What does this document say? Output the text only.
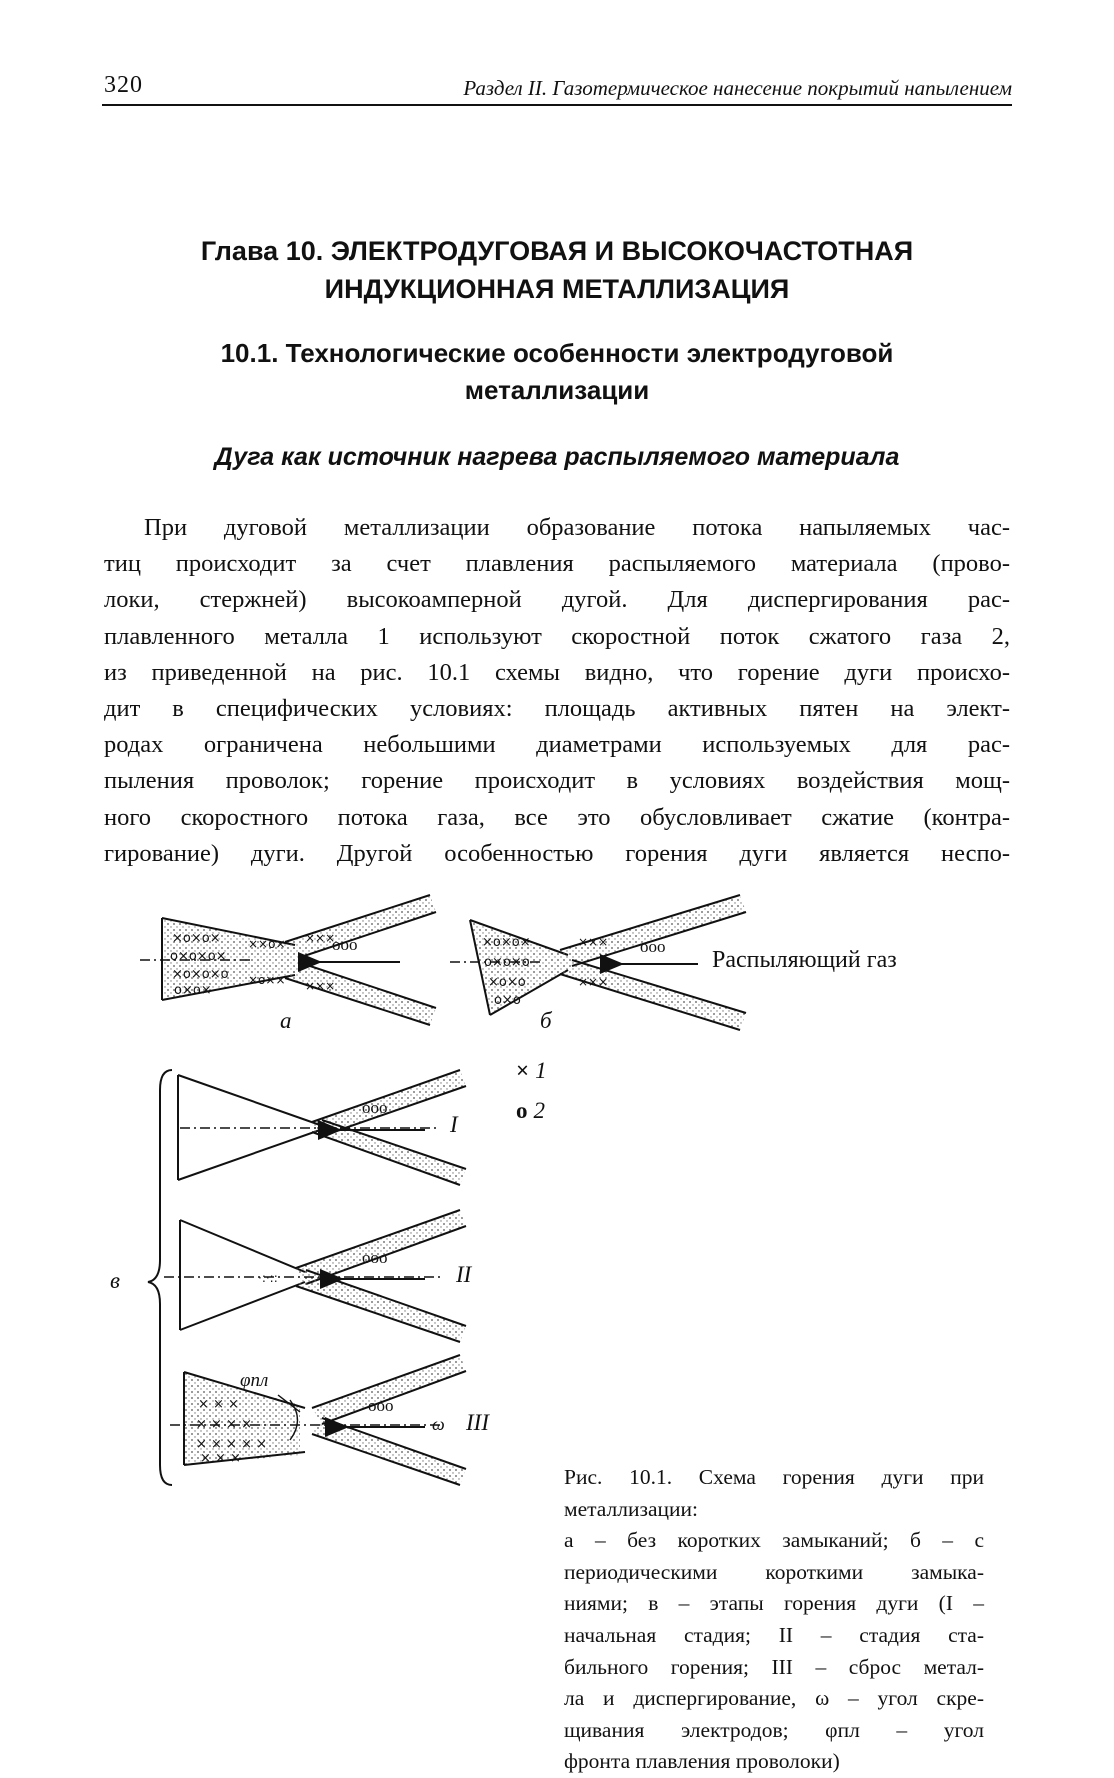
320	Раздел II. Газотермическое нанесение покрытий напылением
Глава 10. ЭЛЕКТРОДУГОВАЯ И ВЫСОКОЧАСТОТНАЯ
ИНДУКЦИОННАЯ МЕТАЛЛИЗАЦИЯ
10.1. Технологические особенности электродуговой
металлизации
Дуга как источник нагрева распыляемого материала
При дуговой металлизации образование потока напыляемых час-
тиц происходит за счет плавления распыляемого материала (прово-
локи, стержней) высокоамперной дугой. Для диспергирования рас-
плавленного металла 1 используют скоростной поток сжатого газа 2,
из приведенной на рис. 10.1 схемы видно, что горение дуги происхо-
дит в специфических условиях: площадь активных пятен на элект-
родах ограничена небольшими диаметрами используемых для рас-
пыления проволок; горение происходит в условиях воздействия мощ-
ного скоростного потока газа, все это обусловливает сжатие (контра-
гирование) дуги. Другой особенностью горения дуги является неспо-
×o×o×
o×o×o×
×o×o×o
o×o×
××o×
×o××
×××
×××
×o×o×
o×o×o
×o×o
o×o
×××
×××
·:·::
× × ×
× × × ×
× × × × ×
× × ×
ooo	ooo
ooo
ooo
ooo
Распыляющий газ
а	б
в
I
II
III
φпл
ω
× 1
o 2
Рис. 10.1. Схема горения дуги при
металлизации:
а – без коротких замыканий; б – с
периодическими короткими замыка-
ниями; в – этапы горения дуги (I –
начальная стадия; II – стадия ста-
бильного горения; III – сброс метал-
ла и диспергирование, ω – угол скре-
щивания электродов; φпл – угол
фронта плавления проволоки)
